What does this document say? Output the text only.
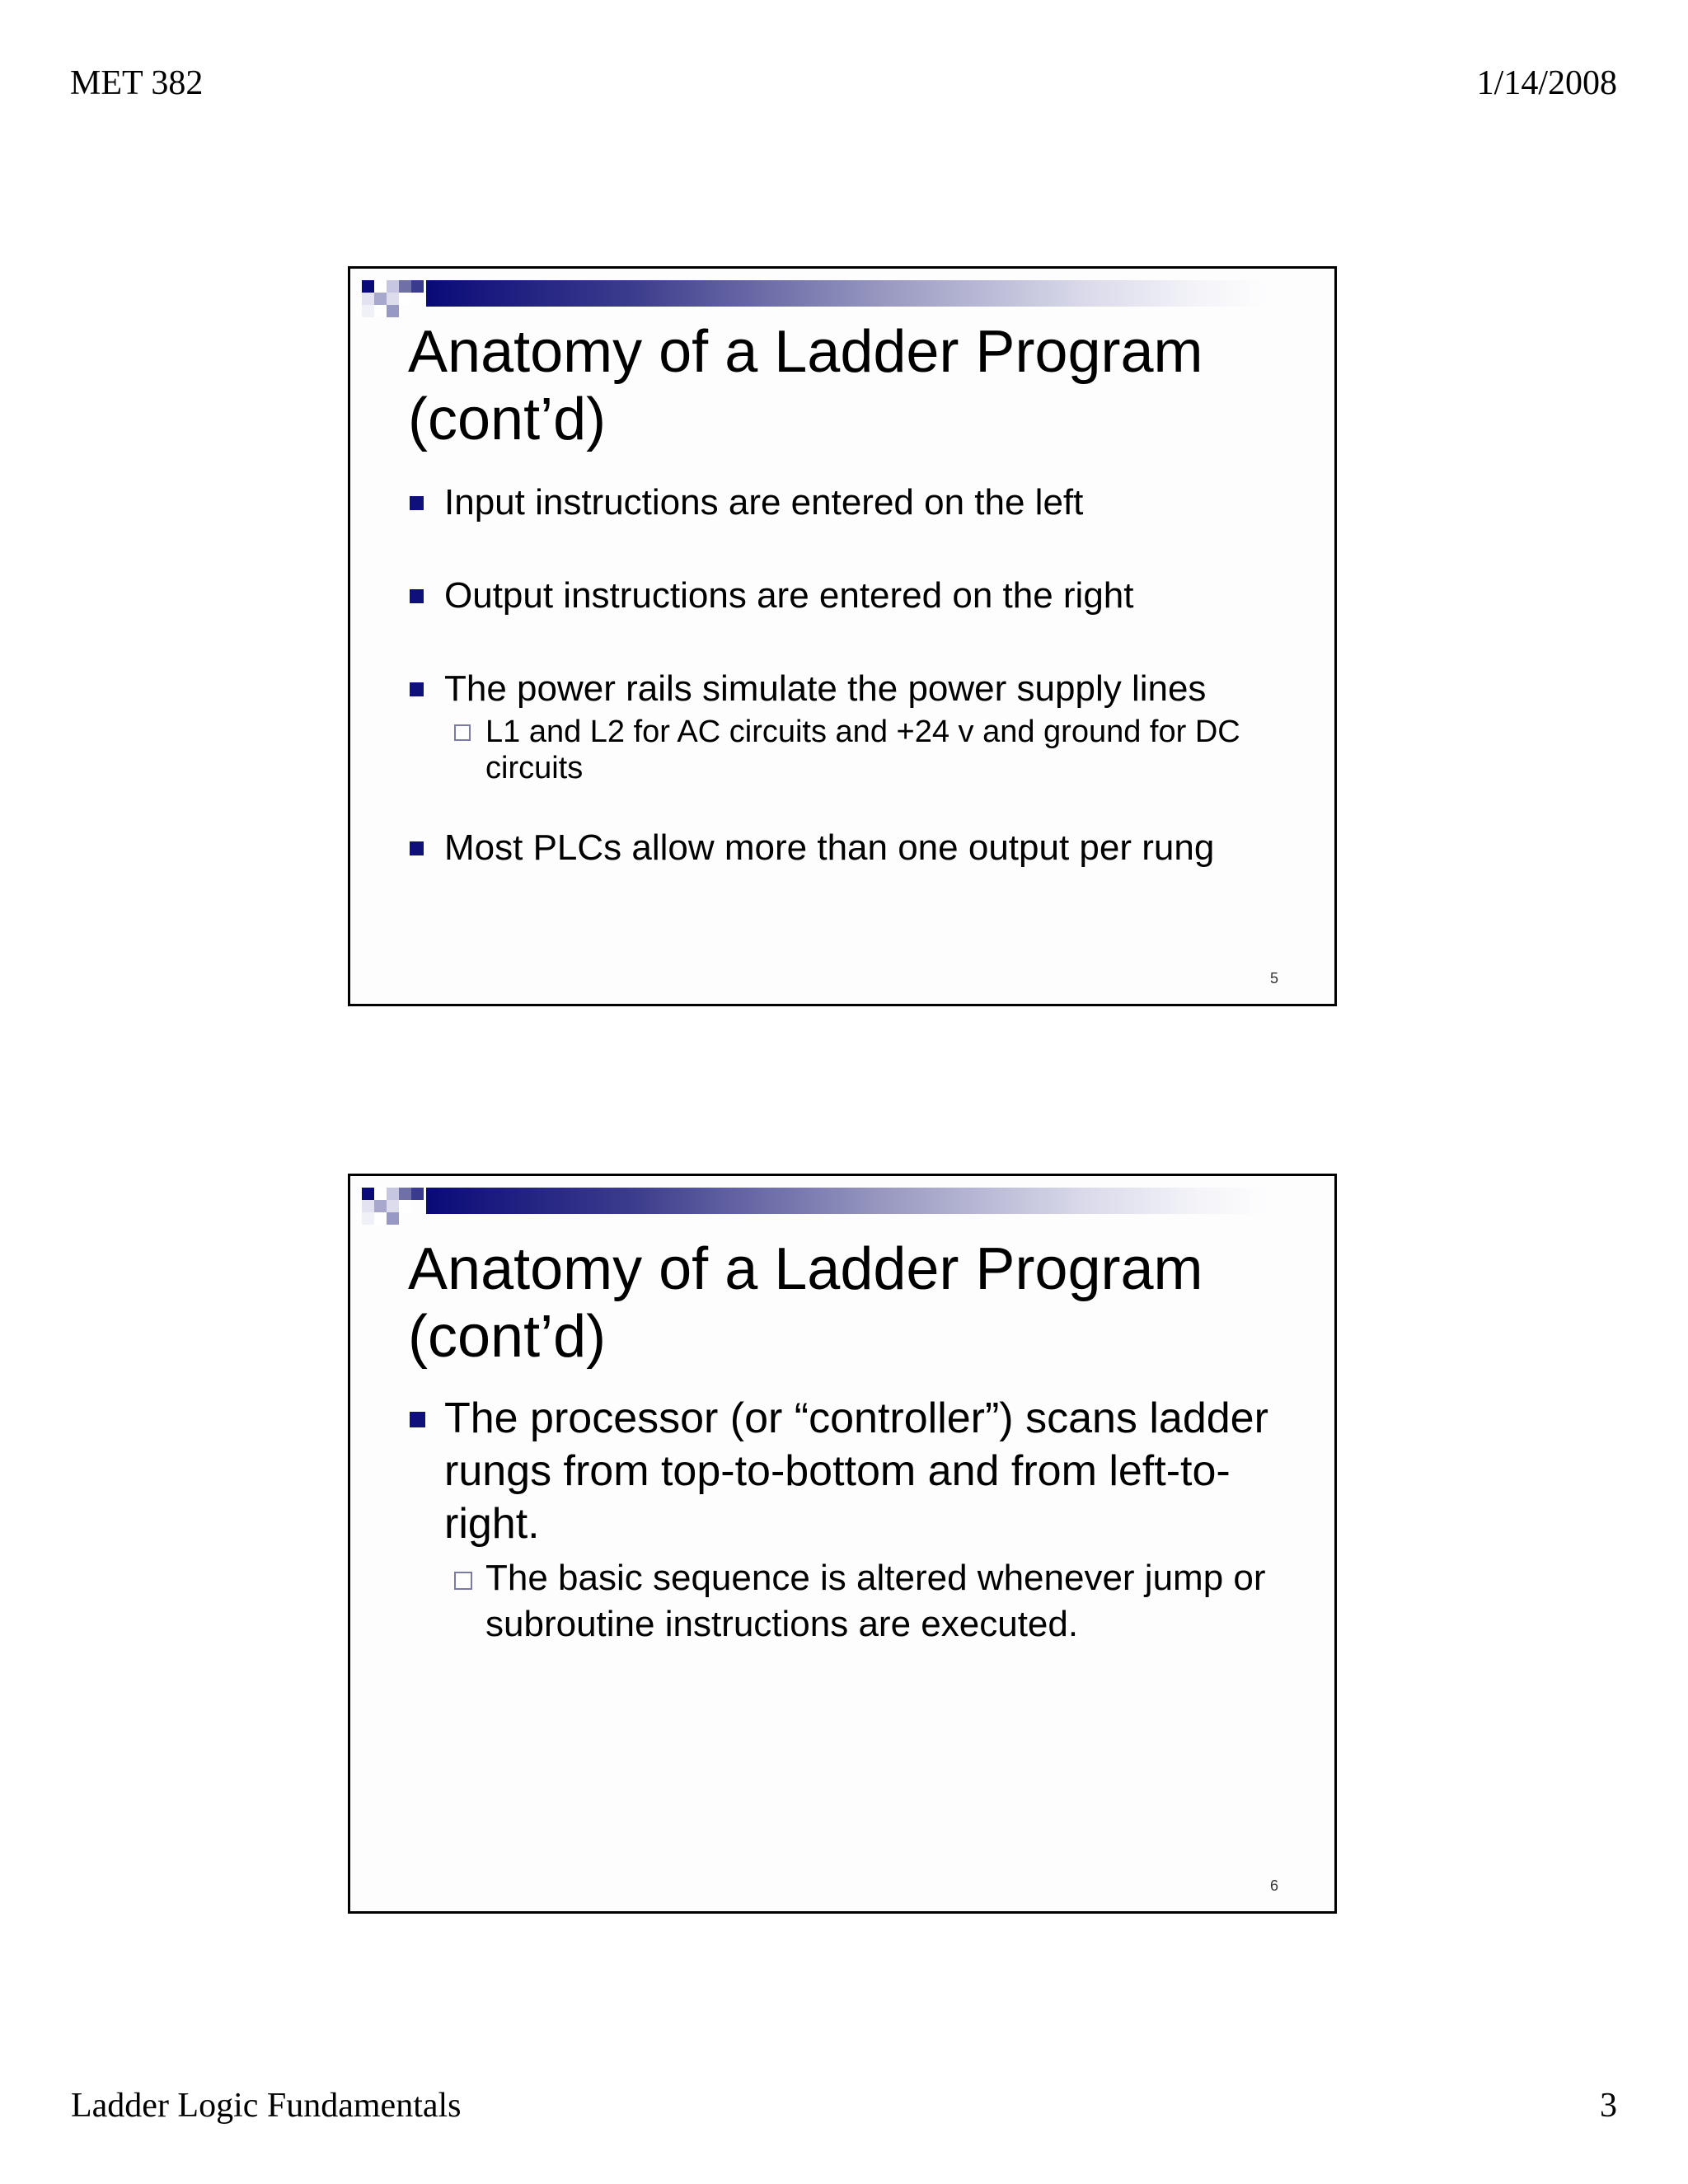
MET 382	1/14/2008
Anatomy of a Ladder Program
(cont’d)
Input instructions are entered on the left
Output instructions are entered on the right
The power rails simulate the power supply lines
L1 and L2 for AC circuits and +24 v and ground for DC circuits
Most PLCs allow more than one output per rung
5
Anatomy of a Ladder Program
(cont’d)
The processor (or “controller”) scans ladder rungs from top-to-bottom and from left-to-right.
The basic sequence is altered whenever jump or subroutine instructions are executed.
6
Ladder Logic Fundamentals	3
